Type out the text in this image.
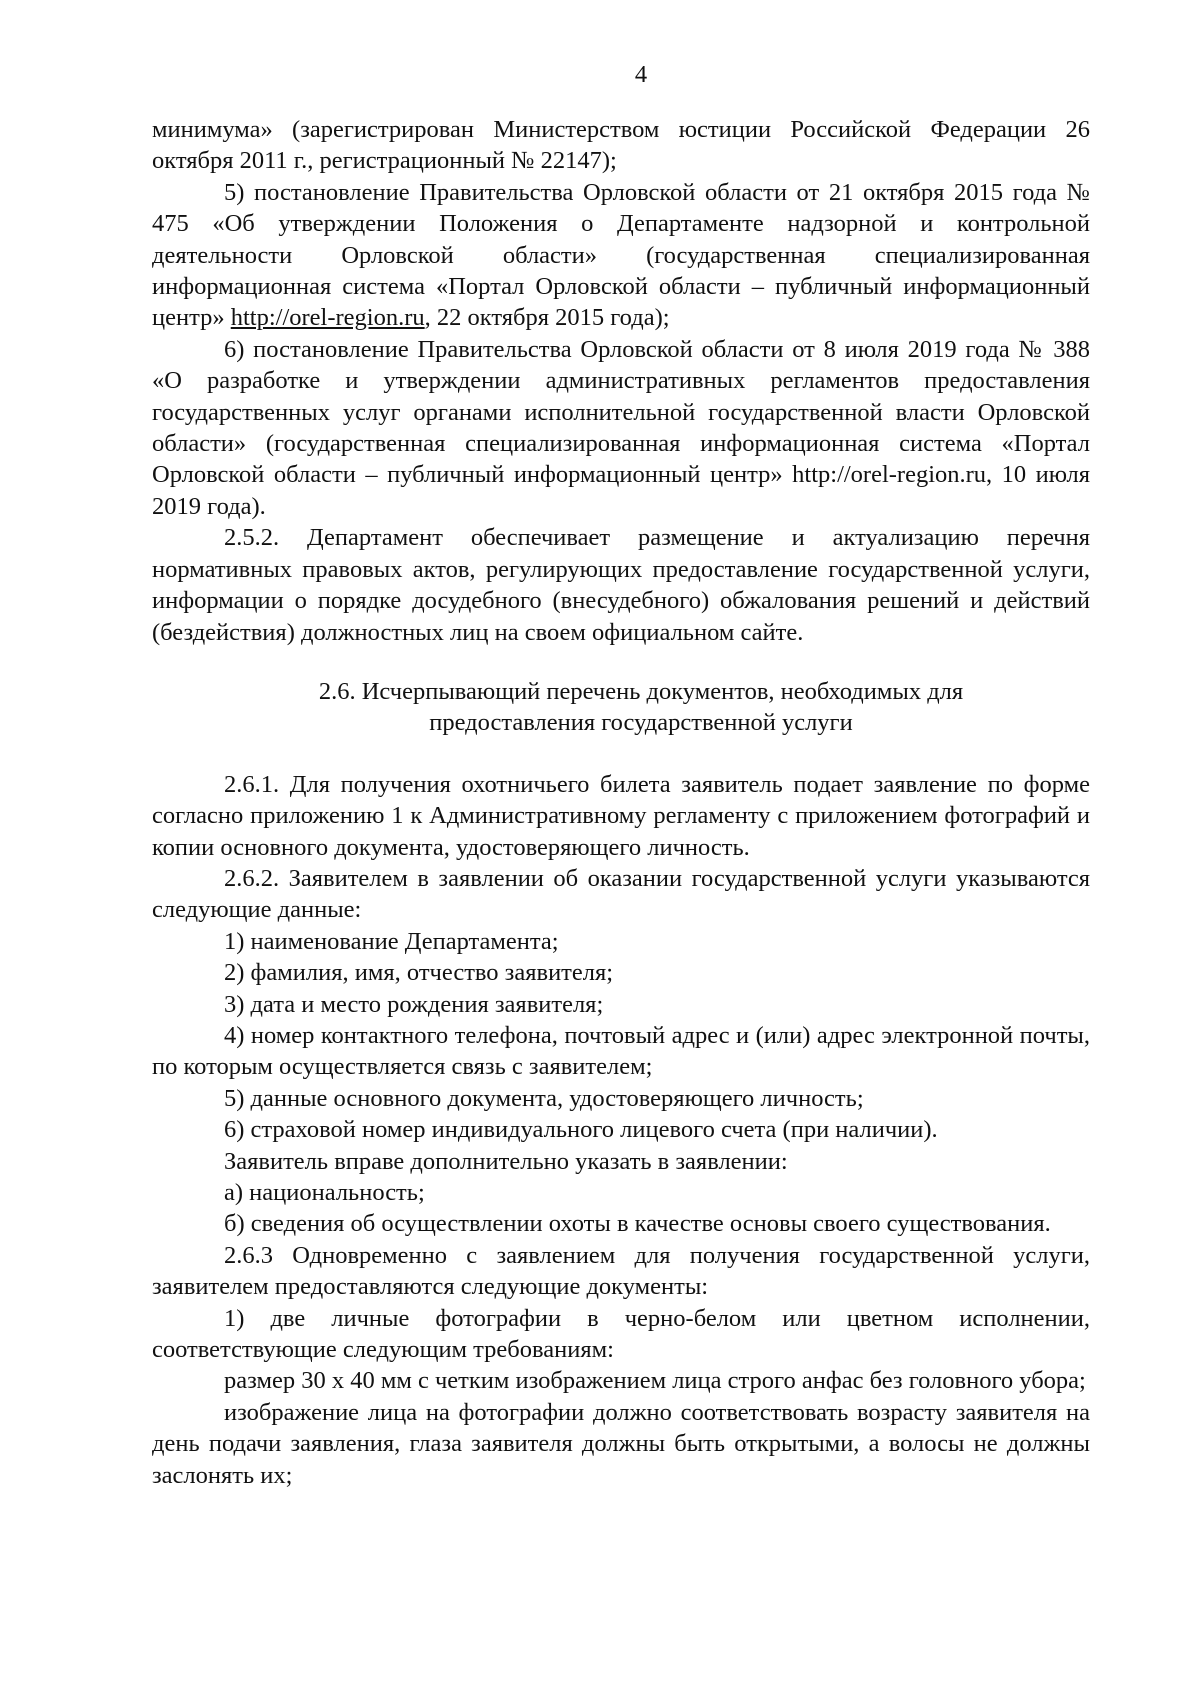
4

минимума» (зарегистрирован Министерством юстиции Российской Федерации 26 октября 2011 г., регистрационный № 22147);

5) постановление Правительства Орловской области от 21 октября 2015 года № 475 «Об утверждении Положения о Департаменте надзорной и контрольной деятельности Орловской области» (государственная специализированная информационная система «Портал Орловской области – публичный информационный центр» http://orel-region.ru, 22 октября 2015 года);

6) постановление Правительства Орловской области от 8 июля 2019 года № 388 «О разработке и утверждении административных регламентов предоставления государственных услуг органами исполнительной государственной власти Орловской области» (государственная специализированная информационная система «Портал Орловской области – публичный информационный центр» http://orel-region.ru, 10 июля 2019 года).

2.5.2. Департамент обеспечивает размещение и актуализацию перечня нормативных правовых актов, регулирующих предоставление государственной услуги, информации о порядке досудебного (внесудебного) обжалования решений и действий (бездействия) должностных лиц на своем официальном сайте.

2.6. Исчерпывающий перечень документов, необходимых для
предоставления государственной услуги

2.6.1. Для получения охотничьего билета заявитель подает заявление по форме согласно приложению 1 к Административному регламенту с приложением фотографий и копии основного документа, удостоверяющего личность.

2.6.2. Заявителем в заявлении об оказании государственной услуги указываются следующие данные:

1) наименование Департамента;

2) фамилия, имя, отчество заявителя;

3) дата и место рождения заявителя;

4) номер контактного телефона, почтовый адрес и (или) адрес электронной почты, по которым осуществляется связь с заявителем;

5) данные основного документа, удостоверяющего личность;

6) страховой номер индивидуального лицевого счета (при наличии).

Заявитель вправе дополнительно указать в заявлении:

а) национальность;

б) сведения об осуществлении охоты в качестве основы своего существования.

2.6.3 Одновременно с заявлением для получения государственной услуги, заявителем предоставляются следующие документы:

1) две личные фотографии в черно-белом или цветном исполнении, соответствующие следующим требованиям:

размер 30 х 40 мм с четким изображением лица строго анфас без головного убора;

изображение лица на фотографии должно соответствовать возрасту заявителя на день подачи заявления, глаза заявителя должны быть открытыми, а волосы не должны заслонять их;
